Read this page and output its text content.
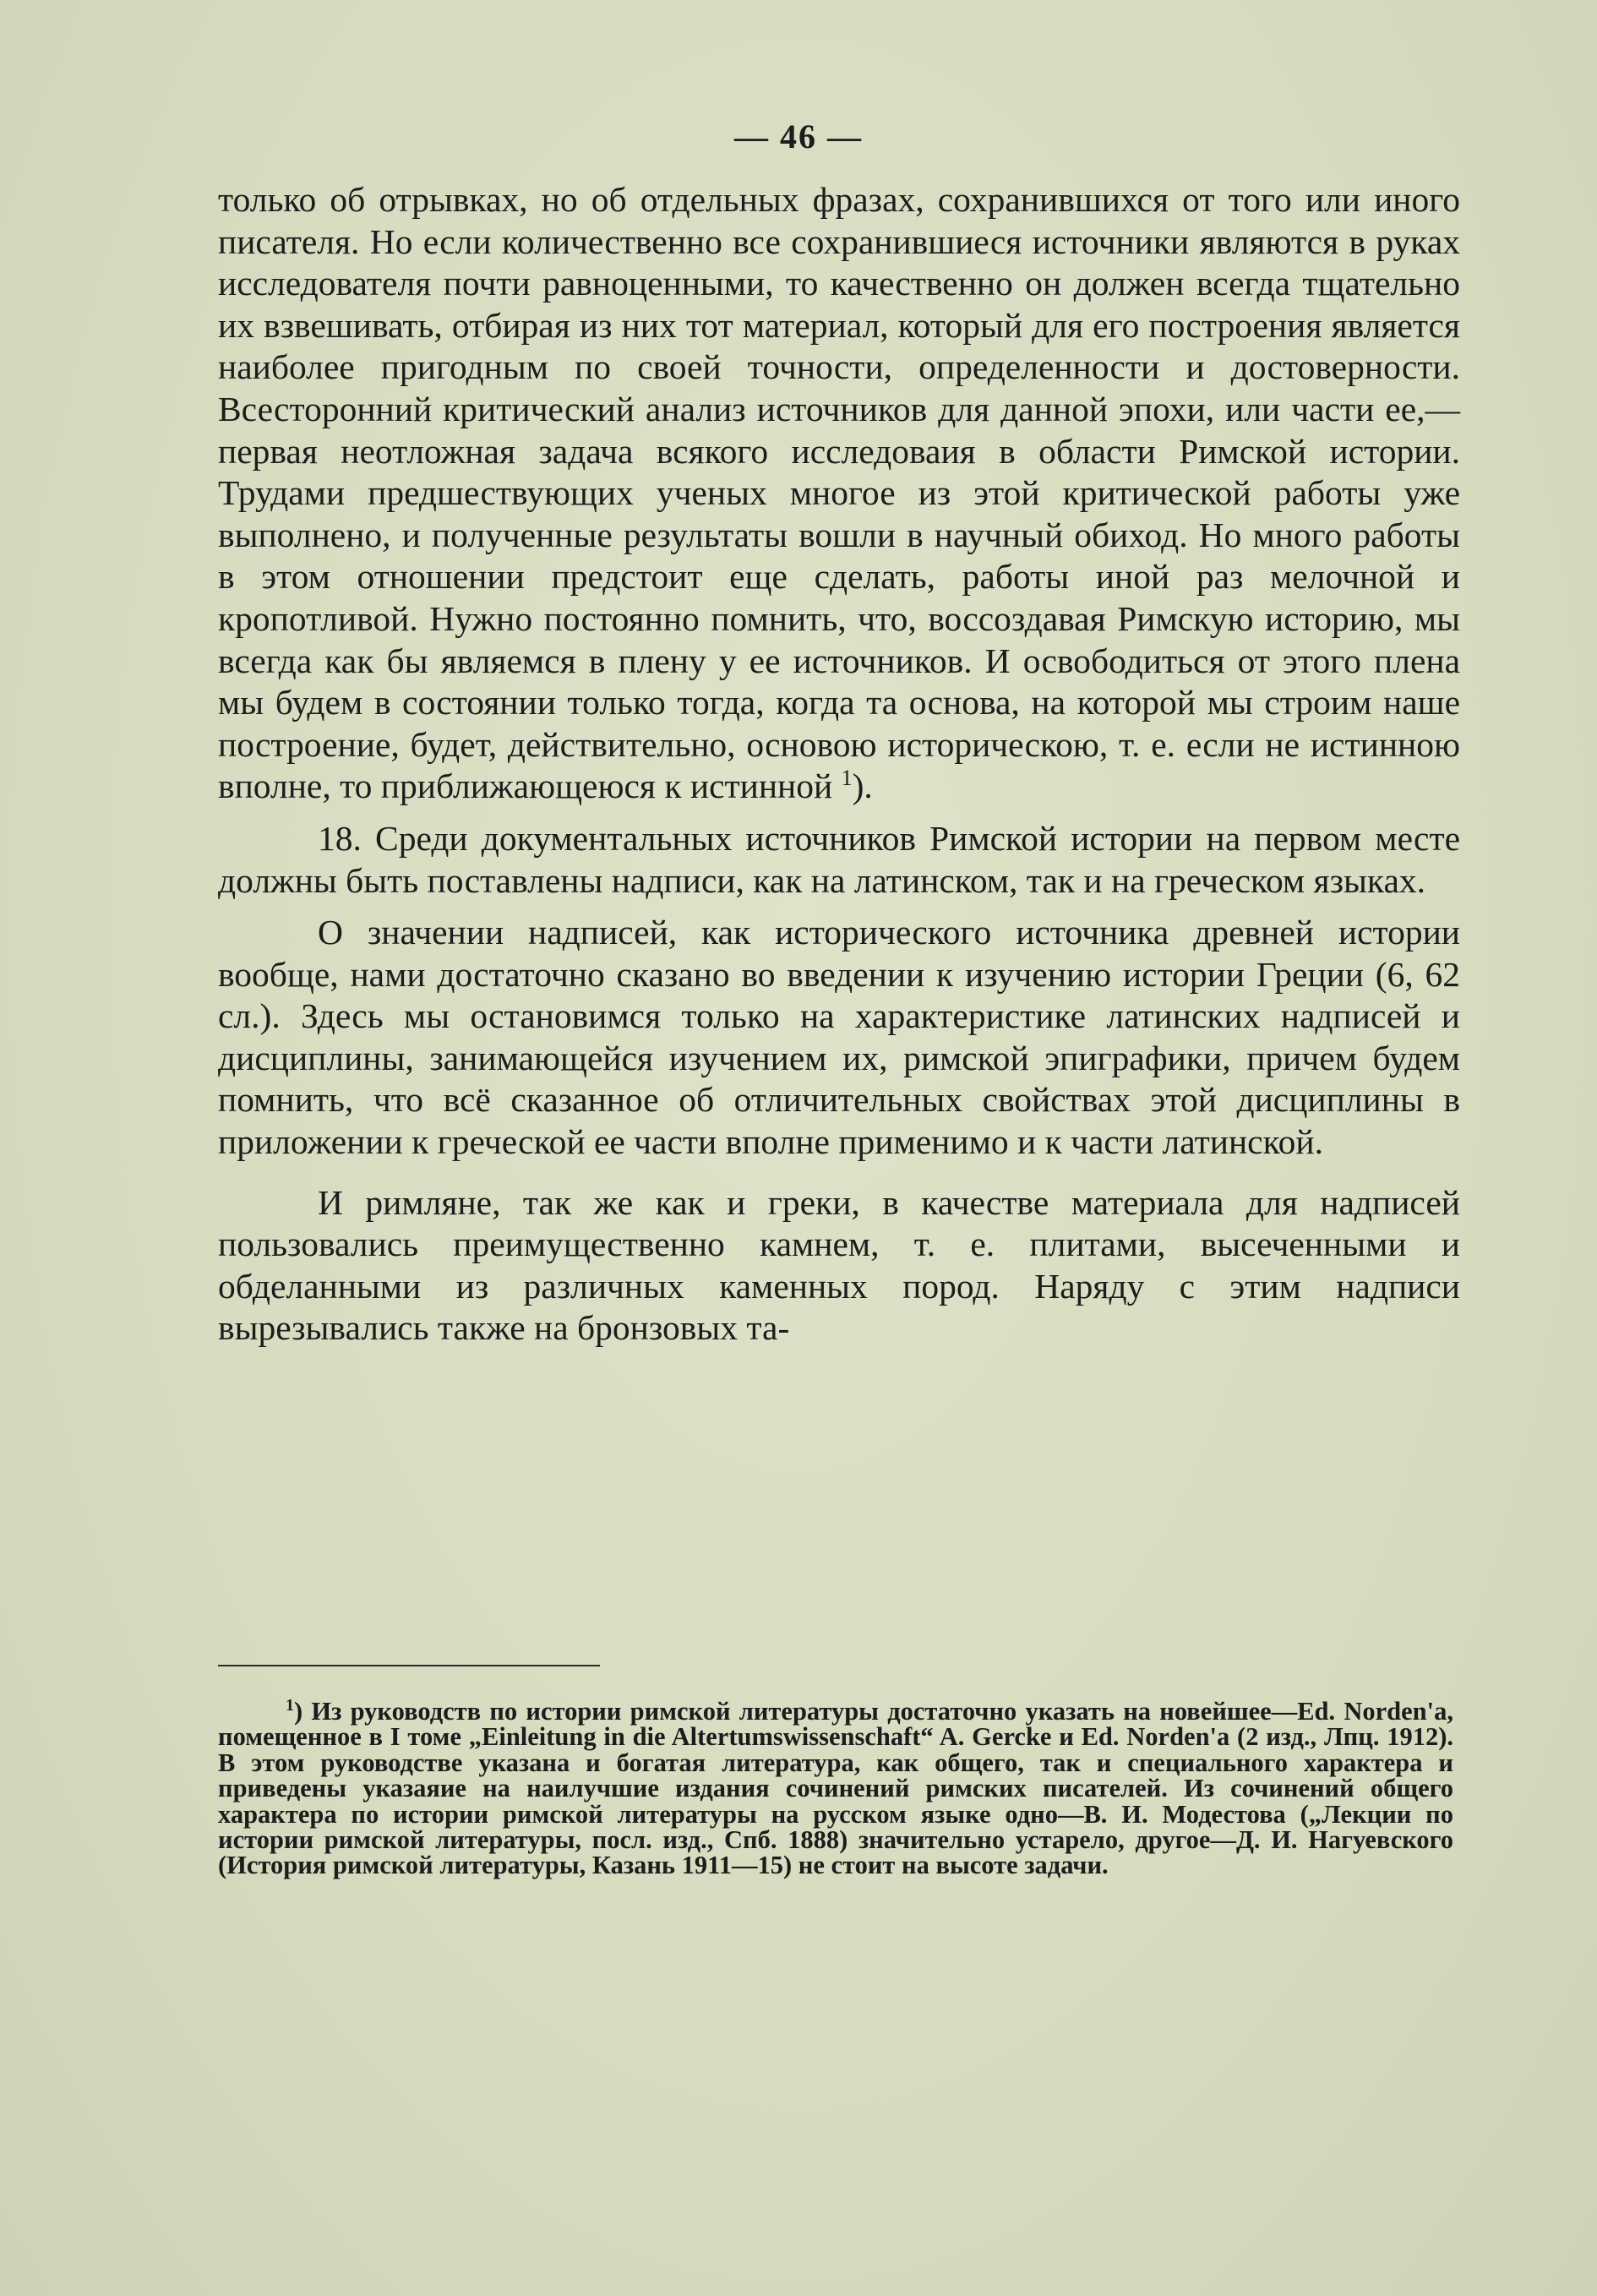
— 46 —

только об отрывках, но об отдельных фразах, сохранившихся от того или иного писателя. Но если количественно все сохранившиеся источники являются в руках исследователя почти равноценными, то качественно он должен всегда тщательно их взвешивать, отбирая из них тот материал, который для его построения является наиболее пригодным по своей точности, определенности и достоверности. Всесторонний критический анализ источников для данной эпохи, или части ее,—первая неотложная задача всякого исследоваия в области Римской истории. Трудами предшествующих ученых многое из этой критической работы уже выполнено, и полученные результаты вошли в научный обиход. Но много работы в этом отношении предстоит еще сделать, работы иной раз мелочной и кропотливой. Нужно постоянно помнить, что, воссоздавая Римскую историю, мы всегда как бы являемся в плену у ее источников. И освободиться от этого плена мы будем в состоянии только тогда, когда та основа, на которой мы строим наше построение, будет, действительно, основою историческою, т. е. если не истинною вполне, то приближающеюся к истинной $^1$).

18. Среди документальных источников Римской истории на первом месте должны быть поставлены надписи, как на латинском, так и на греческом языках.

О значении надписей, как исторического источника древней истории вообще, нами достаточно сказано во введении к изучению истории Греции (6, 62 сл.). Здесь мы остановимся только на характеристике латинских надписей и дисциплины, занимающейся изучением их, римской эпиграфики, причем будем помнить, что всё сказанное об отличительных свойствах этой дисциплины в приложении к греческой ее части вполне применимо и к части латинской.

И римляне, так же как и греки, в качестве материала для надписей пользовались преимущественно камнем, т. е. плитами, высеченными и обделанными из различных каменных пород. Наряду с этим надписи вырезывались также на бронзовых та-

$^1$) Из руководств по истории римской литературы достаточно указать на новейшее—Ed. Norden'a, помещенное в I томе „Einleitung in die Altertumswissenschaft“ A. Gercke и Ed. Norden'a (2 изд., Лпц. 1912). В этом руководстве указана и богатая литература, как общего, так и специального характера и приведены указаяие на наилучшие издания сочинений римских писателей. Из сочинений общего характера по истории римской литературы на русском языке одно—В. И. Модестова („Лекции по истории римской литературы, посл. изд., Спб. 1888) значительно устарело, другое—Д. И. Нагуевского (История римской литературы, Казань 1911—15) не стоит на высоте задачи.
